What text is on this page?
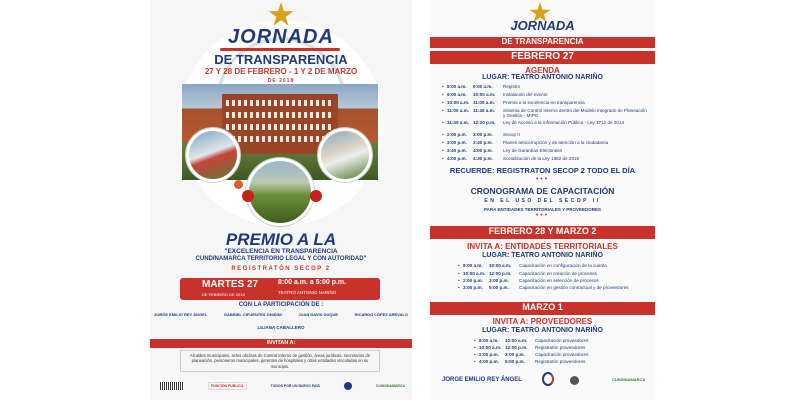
JORNADA
DE TRANSPARENCIA
27 Y 28 DE FEBRERO - 1 Y 2 DE MARZO
DE 2018
PREMIO A LA
"EXCELENCIA EN TRANSPARENCIA
CUNDINAMARCA TERRITORIO LEGAL Y CON AUTORIDAD"
REGISTRATÓN SECOP 2
MARTES 27
DE FEBRERO DE 2018
8:00 a.m. a 5:00 p.m.
TEATRO ANTONIO NARIÑO
CON LA PARTICIPACIÓN DE :
JORGE EMILIO REY ÁNGEL	GABRIEL CIFUENTES GHIDINI	JUAN DAVID DUQUE	RICARDO LÓPEZ ARÉVALO
LILIANA CABALLERO
INVITAN A:
Alcaldes municipales, Jefes oficinas de Control Interno de gestión, áreas jurídicas, secretarios de planeación, personeros municipales, gerentes de hospitales y otras entidades vinculadas en su municipio.
FUNCIÓN PÚBLICA	TODOS POR UN NUEVO PAÍS	CUNDINAMARCA
JORNADA
DE TRANSPARENCIA
FEBRERO 27
AGENDA
LUGAR: TEATRO ANTONIO NARIÑO
• 8:00 a.m.	9:00 a.m.	Registro
• 9:00 a.m.	10:00 a.m.	Instalación del evento
• 10:00 a.m. 11:00 a.m.	Premio a la excelencia en transparencia
• 11:00 a.m. 11:40 a.m.	Sistema de Control Interno dentro del Modelo Integrado de Planeación y Gestión - MIPG
• 11:40 a.m. 12:20 p.m.	Ley de Acceso a la Información Pública - Ley 1712 de 2014
• 2:00 p.m.	3:00 p.m.	Secop II
• 3:00 p.m.	3:40 p.m.	Planes anticorrupción y de atención a la ciudadanía
• 3:40 p.m.	4:00 p.m.	Ley de Garantías Electorales
• 4:00 p.m.	4:30 p.m.	Socialización de la Ley 1882 de 2018
RECUERDE: REGISTRATON SECOP 2 TODO EL DÍA
•••
CRONOGRAMA DE CAPACITACIÓN
EN EL USO DEL SECOP II
PARA ENTIDADES TERRITORIALES Y PROVEEDORES
•••
FEBRERO 28 Y MARZO 2
INVITA A: ENTIDADES TERRITORIALES
LUGAR: TEATRO ANTONIO NARIÑO
• 8:00 a.m.	10:00 a.m.	Capacitación en configuración de la cuenta
• 10:00 a.m. 12:00 p.m.	Capacitación en creación de procesos
• 2:00 p.m.	3:00 p.m.	Capacitación en selección de procesos
• 3:00 p.m.	5:00 p.m.	Capacitación en gestión contractual y de proveedores
MARZO 1
INVITA A: PROVEEDORES
LUGAR: TEATRO ANTONIO NARIÑO
• 8:00 a.m.	10:00 a.m.	Capacitación proveedores
• 10:00 a.m. 12:00 p.m.	Registratón proveedores
• 2:00 p.m.	3:00 p.m.	Capacitación proveedores
• 4:00 p.m.	5:00 p.m.	Registratón proveedores
JORGE EMILIO REY ÁNGEL	CUNDINAMARCA
